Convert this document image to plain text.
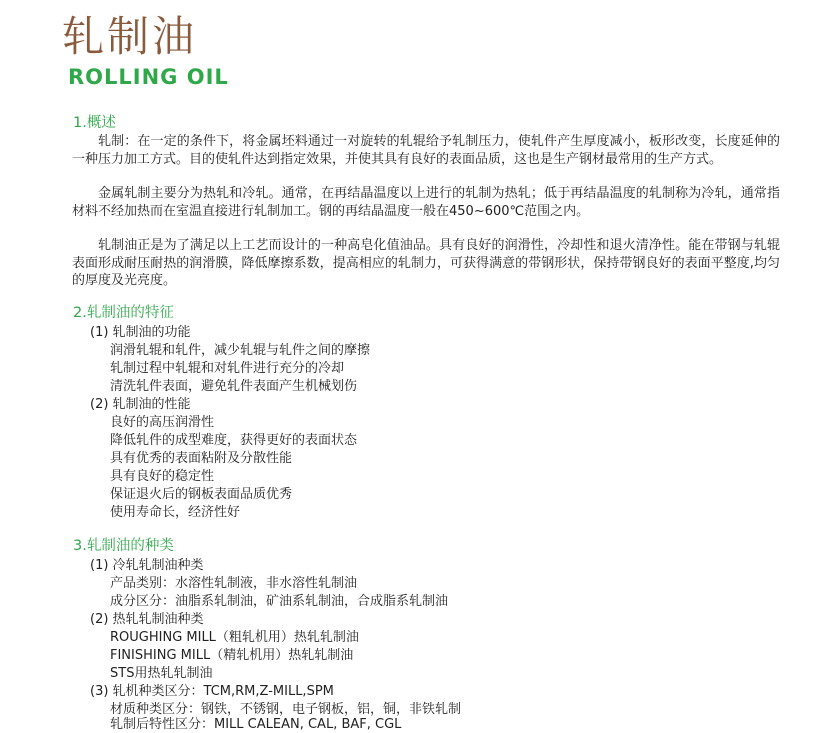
轧制油
ROLLING OIL
1.概述

轧制：在一定的条件下，将金属坯料通过一对旋转的轧辊给予轧制压力，使轧件产生厚度减小，板形改变，长度延伸的一种压力加工方式。目的使轧件达到指定效果，并使其具有良好的表面品质，这也是生产钢材最常用的生产方式。

金属轧制主要分为热轧和冷轧。通常，在再结晶温度以上进行的轧制为热轧；低于再结晶温度的轧制称为冷轧，通常指材料不经加热而在室温直接进行轧制加工。钢的再结晶温度一般在450~600℃范围之内。

轧制油正是为了满足以上工艺而设计的一种高皂化值油品。具有良好的润滑性，冷却性和退火清净性。能在带钢与轧辊表面形成耐压耐热的润滑膜，降低摩擦系数，提高相应的轧制力，可获得满意的带钢形状，保持带钢良好的表面平整度,均匀的厚度及光亮度。

2.轧制油的特征
(1) 轧制油的功能
润滑轧辊和轧件，减少轧辊与轧件之间的摩擦
轧制过程中轧辊和对轧件进行充分的冷却
清洗轧件表面，避免轧件表面产生机械划伤
(2) 轧制油的性能
良好的高压润滑性
降低轧件的成型难度，获得更好的表面状态
具有优秀的表面粘附及分散性能
具有良好的稳定性
保证退火后的钢板表面品质优秀
使用寿命长，经济性好
3.轧制油的种类
(1) 冷轧轧制油种类
产品类别：水溶性轧制液，非水溶性轧制油
成分区分：油脂系轧制油，矿油系轧制油，合成脂系轧制油
(2) 热轧轧制油种类
ROUGHING MILL（粗轧机用）热轧轧制油
FINISHING MILL（精轧机用）热轧轧制油
STS用热轧轧制油
(3) 轧机种类区分：TCM,RM,Z-MILL,SPM
材质种类区分：钢铁，不锈钢，电子钢板，铝，铜，非铁轧制
轧制后特性区分：MILL CALEAN, CAL, BAF, CGL
